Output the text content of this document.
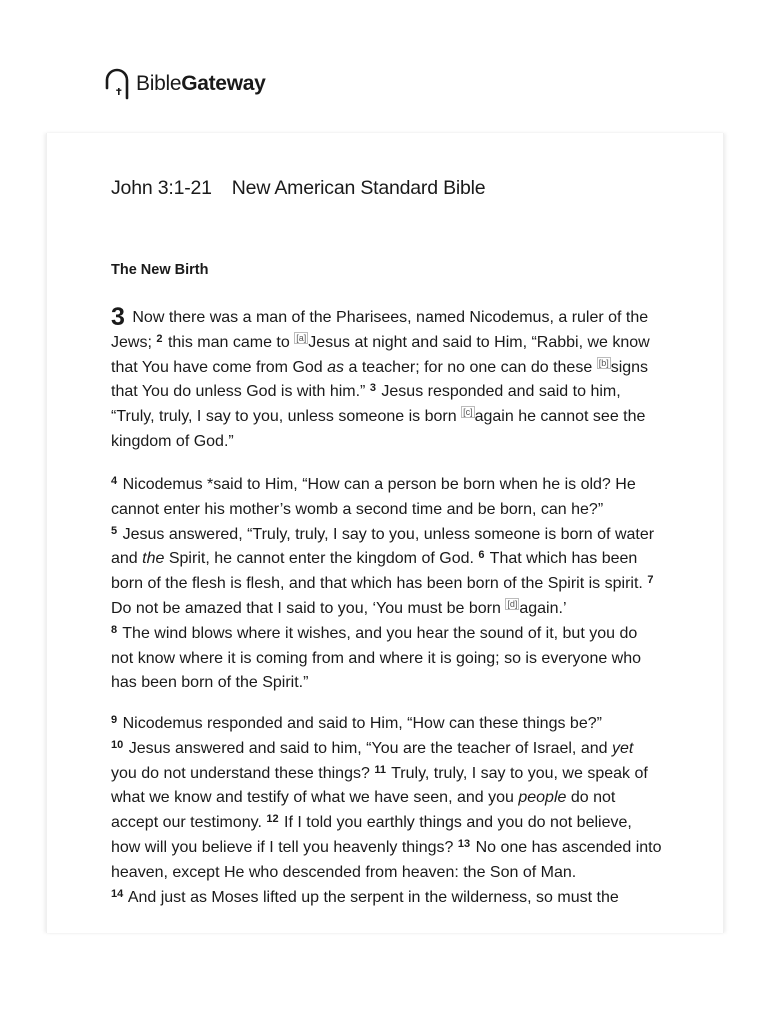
BibleGateway
John 3:1-21 New American Standard Bible
The New Birth

3 Now there was a man of the Pharisees, named Nicodemus, a ruler of the Jews; $^2$ this man came to [a] Jesus at night and said to Him, “Rabbi, we know that You have come from God as a teacher; for no one can do these [b] signs that You do unless God is with him.” $^3$ Jesus responded and said to him, “Truly, truly, I say to you, unless someone is born [c] again he cannot see the kingdom of God.”

$^4$ Nicodemus *said to Him, “How can a person be born when he is old? He cannot enter his mother’s womb a second time and be born, can he?”
$^5$ Jesus answered, “Truly, truly, I say to you, unless someone is born of water and the Spirit, he cannot enter the kingdom of God. $^6$ That which has been born of the flesh is flesh, and that which has been born of the Spirit is spirit. $^7$ Do not be amazed that I said to you, ‘You must be born [d] again.’
$^8$ The wind blows where it wishes, and you hear the sound of it, but you do not know where it is coming from and where it is going; so is everyone who has been born of the Spirit.”

$^9$ Nicodemus responded and said to Him, “How can these things be?”
$^{10}$ Jesus answered and said to him, “You are the teacher of Israel, and yet you do not understand these things? $^{11}$ Truly, truly, I say to you, we speak of what we know and testify of what we have seen, and you people do not accept our testimony. $^{12}$ If I told you earthly things and you do not believe, how will you believe if I tell you heavenly things? $^{13}$ No one has ascended into heaven, except He who descended from heaven: the Son of Man.
$^{14}$ And just as Moses lifted up the serpent in the wilderness, so must the
